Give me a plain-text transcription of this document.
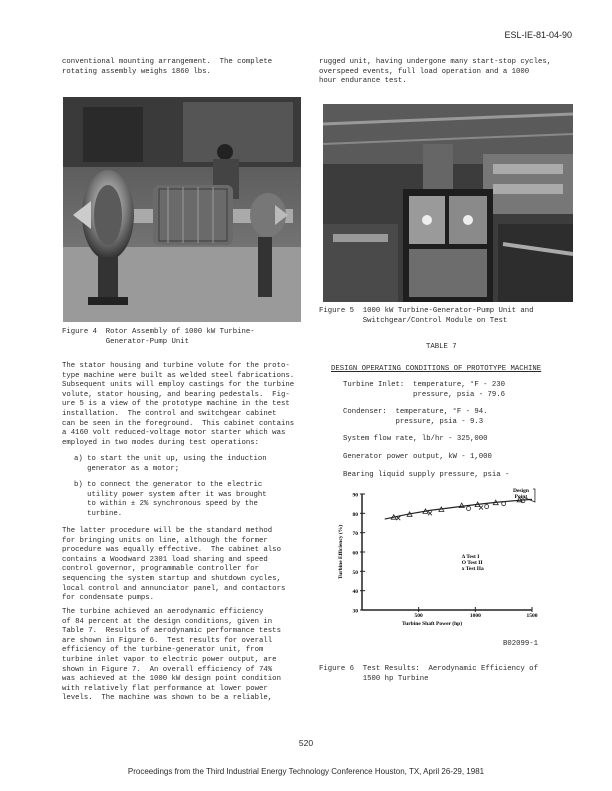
ESL-IE-81-04-90
conventional mounting arrangement.  The complete
rotating assembly weighs 1860 lbs.
Figure 4  Rotor Assembly of 1000 kW Turbine-
Generator-Pump Unit
The stator housing and turbine volute for the proto-
type machine were built as welded steel fabrications.
Subsequent units will employ castings for the turbine
volute, stator housing, and bearing pedestals.  Fig-
ure 5 is a view of the prototype machine in the test
installation.  The control and switchgear cabinet
can be seen in the foreground.  This cabinet contains
a 4160 volt reduced-voltage motor starter which was
employed in two modes during test operations:
a) to start the unit up, using the induction
generator as a motor;
b) to connect the generator to the electric
utility power system after it was brought
to within ± 2% synchronous speed by the
turbine.
The latter procedure will be the standard method
for bringing units on line, although the former
procedure was equally effective.  The cabinet also
contains a Woodward 2301 load sharing and speed
control governor, programmable controller for
sequencing the system startup and shutdown cycles,
local control and annunciator panel, and contactors
for condensate pumps.
The turbine achieved an aerodynamic efficiency
of 84 percent at the design conditions, given in
Table 7.  Results of aerodynamic performance tests
are shown in Figure 6.  Test results for overall
efficiency of the turbine-generator unit, from
turbine inlet vapor to electric power output, are
shown in Figure 7.  An overall efficiency of 74%
was achieved at the 1000 kW design point condition
with relatively flat performance at lower power
levels.  The machine was shown to be a reliable,
rugged unit, having undergone many start-stop cycles,
overspeed events, full load operation and a 1000
hour endurance test.
Figure 5  1000 kW Turbine-Generator-Pump Unit and
Switchgear/Control Module on Test
TABLE 7
DESIGN OPERATING CONDITIONS OF PROTOTYPE MACHINE
Turbine Inlet:  temperature, °F - 230
pressure, psia - 79.6
Condenser:  temperature, °F - 94.
pressure, psia - 9.3
System flow rate, lb/hr - 325,000
Generator power output, kW - 1,000
Bearing liquid supply pressure, psia -
30
40
50
60
70
80
90
500	1000	1500
Turbine Shaft Power (hp)
Turbine Efficiency (%)
Design
Point
Δ Test I
O Test II
x Test IIa
B02099-1
Figure 6  Test Results:  Aerodynamic Efficiency of
1500 hp Turbine
520
Proceedings from the Third Industrial Energy Technology Conference Houston, TX, April 26-29, 1981
